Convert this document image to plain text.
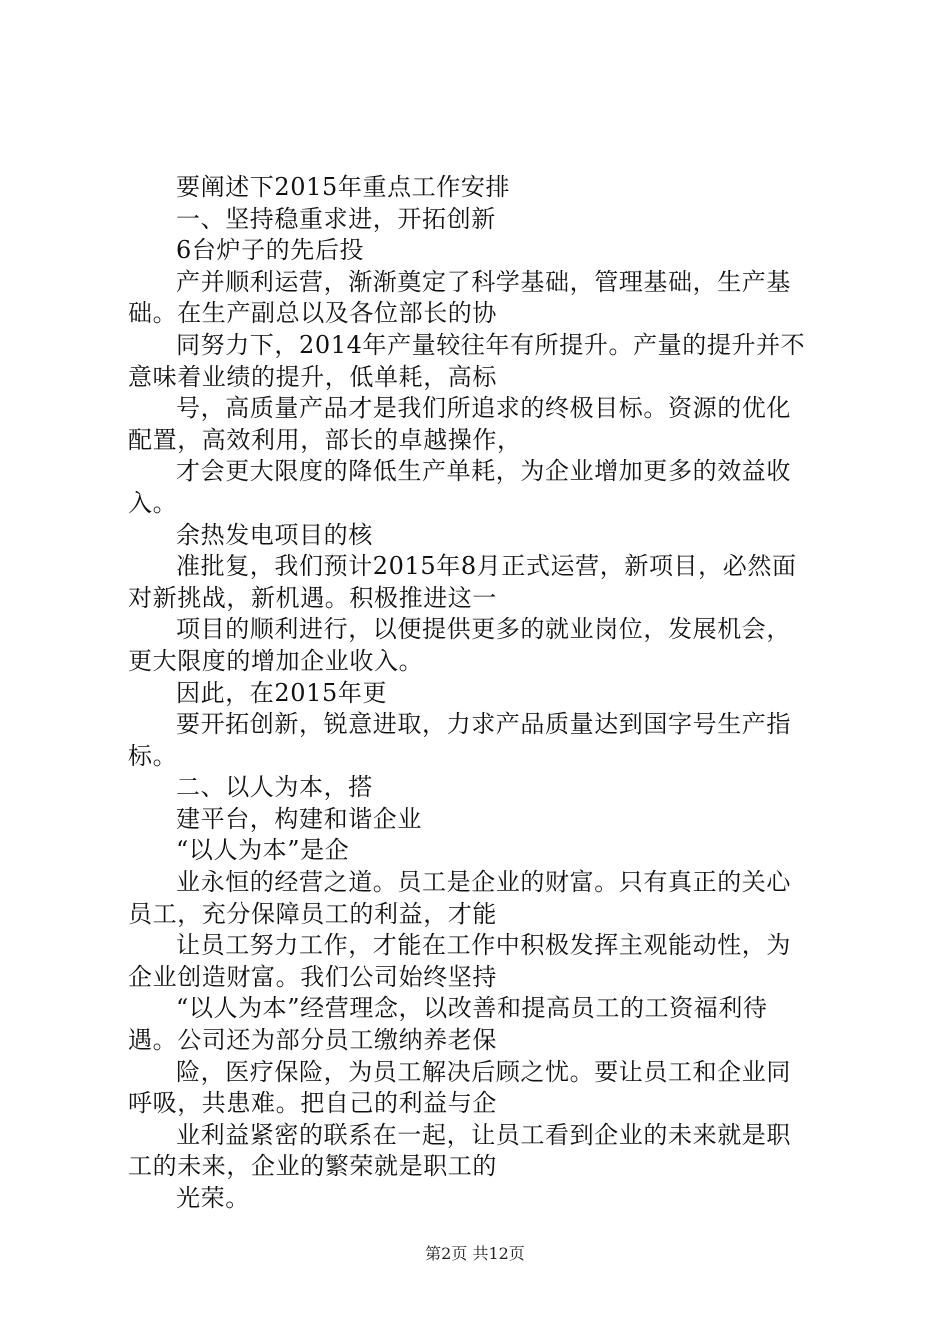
要阐述下2015年重点工作安排
一、坚持稳重求进，开拓创新
6台炉子的先后投
产并顺利运营，渐渐奠定了科学基础，管理基础，生产基
础。在生产副总以及各位部长的协
同努力下，2014年产量较往年有所提升。产量的提升并不
意味着业绩的提升，低单耗，高标
号，高质量产品才是我们所追求的终极目标。资源的优化
配置，高效利用，部长的卓越操作，
才会更大限度的降低生产单耗，为企业增加更多的效益收
入。
余热发电项目的核
准批复，我们预计2015年8月正式运营，新项目，必然面
对新挑战，新机遇。积极推进这一
项目的顺利进行，以便提供更多的就业岗位，发展机会，
更大限度的增加企业收入。
因此，在2015年更
要开拓创新，锐意进取，力求产品质量达到国字号生产指
标。
二、以人为本，搭
建平台，构建和谐企业
“以人为本”是企
业永恒的经营之道。员工是企业的财富。只有真正的关心
员工，充分保障员工的利益，才能
让员工努力工作，才能在工作中积极发挥主观能动性，为
企业创造财富。我们公司始终坚持
“以人为本”经营理念，以改善和提高员工的工资福利待
遇。公司还为部分员工缴纳养老保
险，医疗保险，为员工解决后顾之忧。要让员工和企业同
呼吸，共患难。把自己的利益与企
业利益紧密的联系在一起，让员工看到企业的未来就是职
工的未来，企业的繁荣就是职工的
光荣。
第2页 共12页
